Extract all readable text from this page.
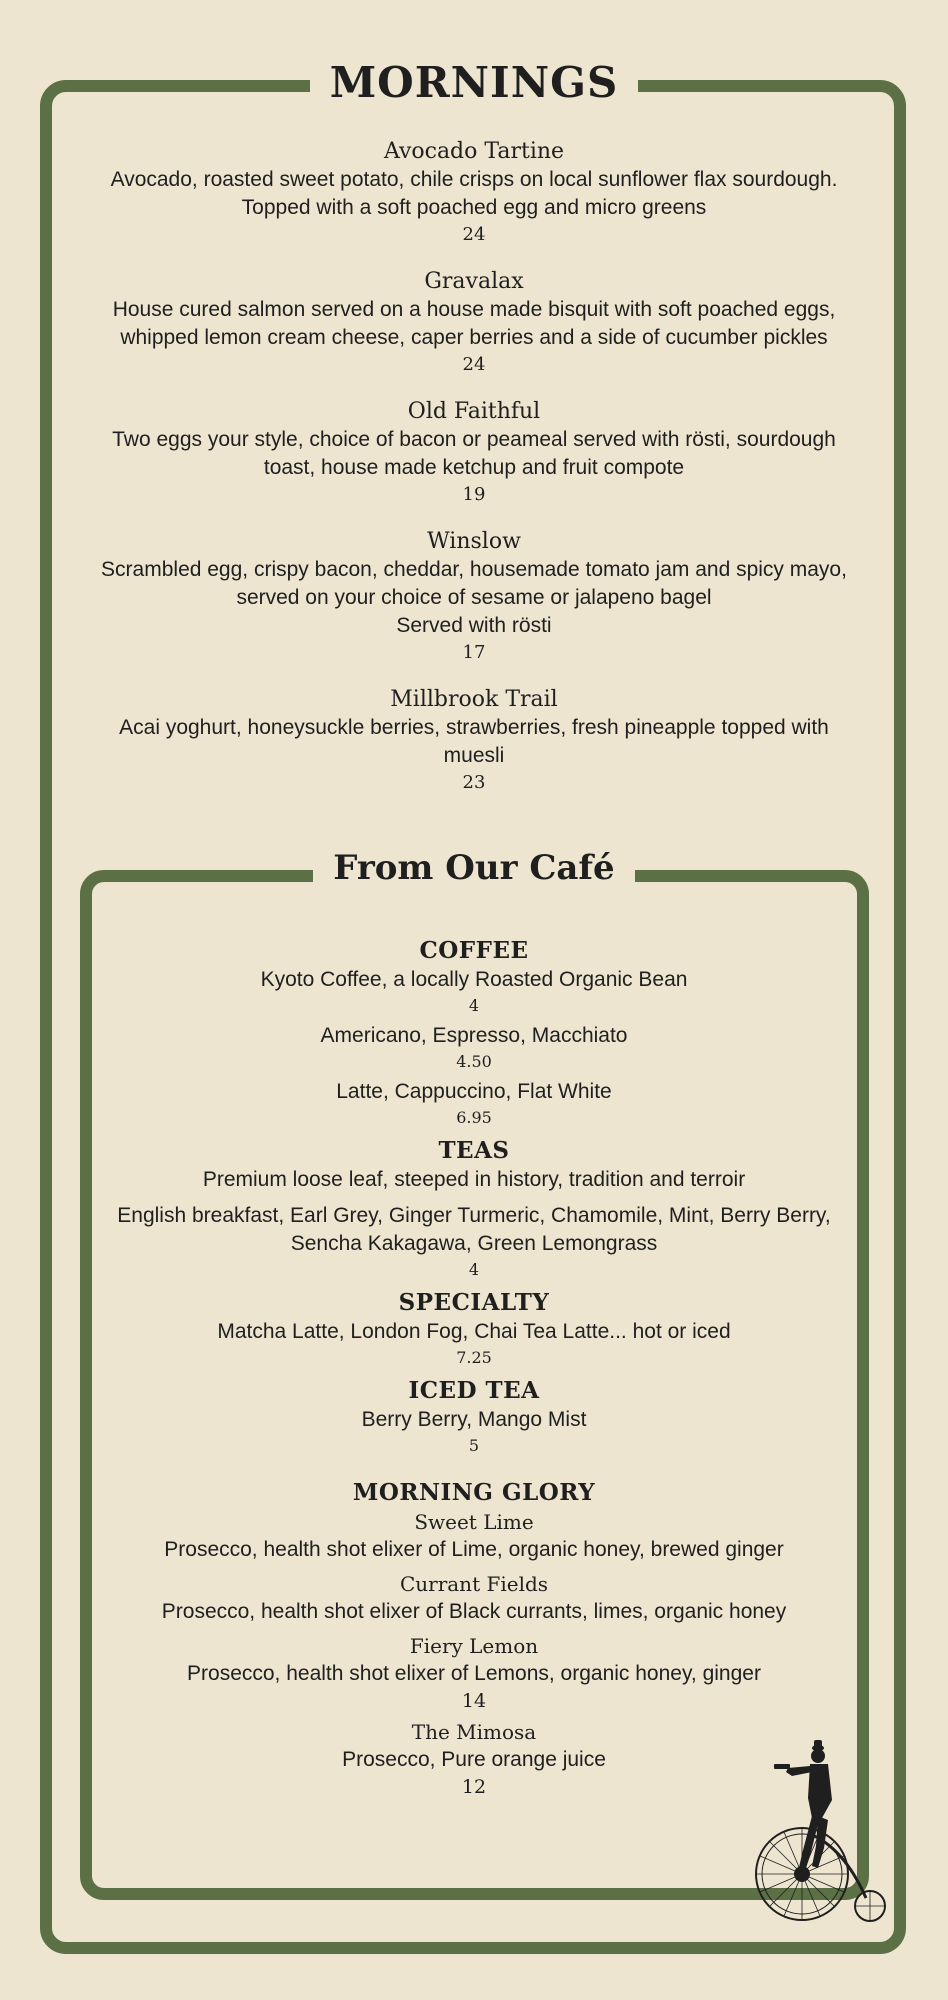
MORNINGS
Avocado Tartine
Avocado, roasted sweet potato, chile crisps on local sunflower flax sourdough. Topped with a soft poached egg and micro greens
24
Gravalax
House cured salmon served on a house made bisquit with soft poached eggs, whipped lemon cream cheese, caper berries and a side of cucumber pickles
24
Old Faithful
Two eggs your style, choice of bacon or peameal served with rösti, sourdough toast, house made ketchup and fruit compote
19
Winslow
Scrambled egg, crispy bacon, cheddar, housemade tomato jam and spicy mayo, served on your choice of sesame or jalapeno bagel
Served with rösti
17
Millbrook Trail
Acai yoghurt, honeysuckle berries, strawberries, fresh pineapple topped with muesli
23
From Our Café
COFFEE
Kyoto Coffee, a locally Roasted Organic Bean
4
Americano, Espresso, Macchiato
4.50
Latte, Cappuccino, Flat White
6.95
TEAS
Premium loose leaf, steeped in history, tradition and terroir
English breakfast, Earl Grey, Ginger Turmeric, Chamomile, Mint, Berry Berry, Sencha Kakagawa, Green Lemongrass
4
SPECIALTY
Matcha Latte, London Fog, Chai Tea Latte... hot or iced
7.25
ICED TEA
Berry Berry, Mango Mist
5
MORNING GLORY
Sweet Lime
Prosecco, health shot elixer of Lime, organic honey, brewed ginger
Currant Fields
Prosecco, health shot elixer of Black currants, limes, organic honey
Fiery Lemon
Prosecco, health shot elixer of Lemons, organic honey, ginger
14
The Mimosa
Prosecco, Pure orange juice
12
